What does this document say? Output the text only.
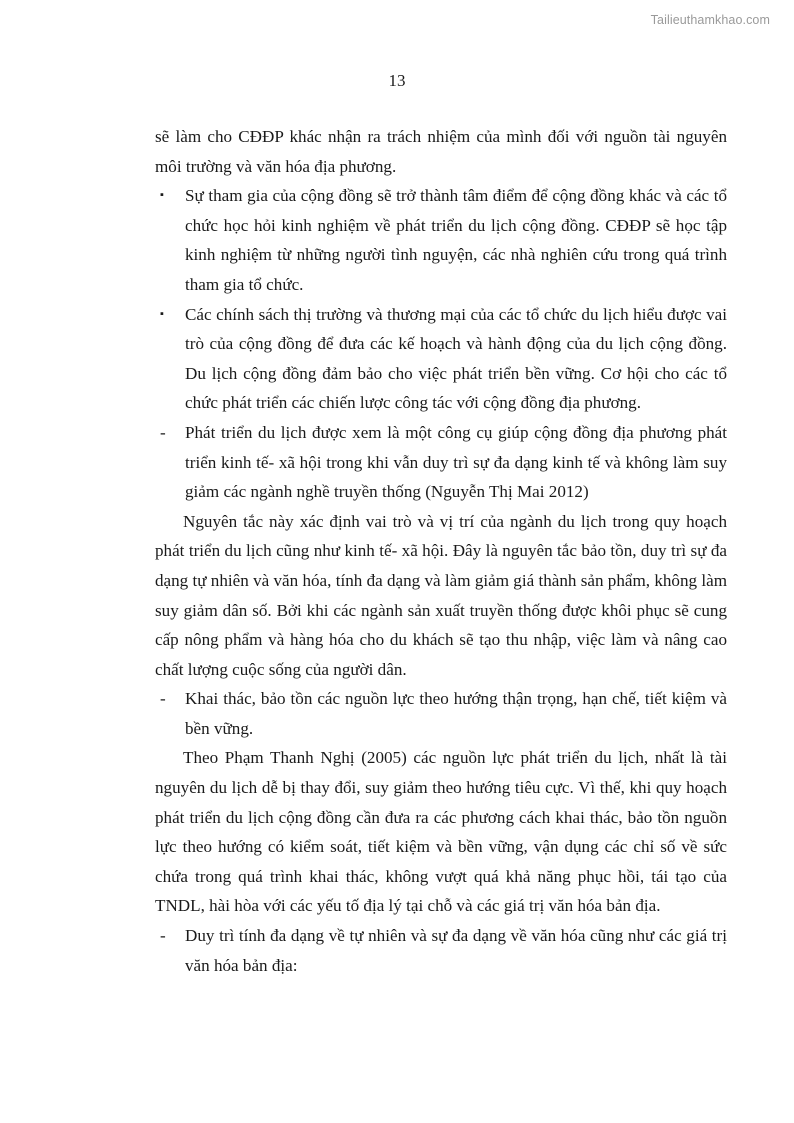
Tailieuthamkhao.com
13

sẽ làm cho CĐĐP khác nhận ra trách nhiệm của mình đối với nguồn tài nguyên môi trường và văn hóa địa phương.

▪ Sự tham gia của cộng đồng sẽ trở thành tâm điểm để cộng đồng khác và các tổ chức học hỏi kinh nghiệm về phát triển du lịch cộng đồng. CĐĐP sẽ học tập kinh nghiệm từ những người tình nguyện, các nhà nghiên cứu trong quá trình tham gia tổ chức.
▪ Các chính sách thị trường và thương mại của các tổ chức du lịch hiểu được vai trò của cộng đồng để đưa các kế hoạch và hành động của du lịch cộng đồng. Du lịch cộng đồng đảm bảo cho việc phát triển bền vững. Cơ hội cho các tổ chức phát triển các chiến lược công tác với cộng đồng địa phương.
- Phát triển du lịch được xem là một công cụ giúp cộng đồng địa phương phát triển kinh tế- xã hội trong khi vẫn duy trì sự đa dạng kinh tế và không làm suy giảm các ngành nghề truyền thống (Nguyễn Thị Mai 2012)

Nguyên tắc này xác định vai trò và vị trí của ngành du lịch trong quy hoạch phát triển du lịch cũng như kinh tế- xã hội. Đây là nguyên tắc bảo tồn, duy trì sự đa dạng tự nhiên và văn hóa, tính đa dạng và làm giảm giá thành sản phẩm, không làm suy giảm dân số. Bởi khi các ngành sản xuất truyền thống được khôi phục sẽ cung cấp nông phẩm và hàng hóa cho du khách sẽ tạo thu nhập, việc làm và nâng cao chất lượng cuộc sống của người dân.

- Khai thác, bảo tồn các nguồn lực theo hướng thận trọng, hạn chế, tiết kiệm và bền vững.

Theo Phạm Thanh Nghị (2005) các nguồn lực phát triển du lịch, nhất là tài nguyên du lịch dễ bị thay đổi, suy giảm theo hướng tiêu cực. Vì thế, khi quy hoạch phát triển du lịch cộng đồng cần đưa ra các phương cách khai thác, bảo tồn nguồn lực theo hướng có kiểm soát, tiết kiệm và bền vững, vận dụng các chỉ số về sức chứa trong quá trình khai thác, không vượt quá khả năng phục hồi, tái tạo của TNDL, hài hòa với các yếu tố địa lý tại chỗ và các giá trị văn hóa bản địa.

- Duy trì tính đa dạng về tự nhiên và sự đa dạng về văn hóa cũng như các giá trị văn hóa bản địa:
